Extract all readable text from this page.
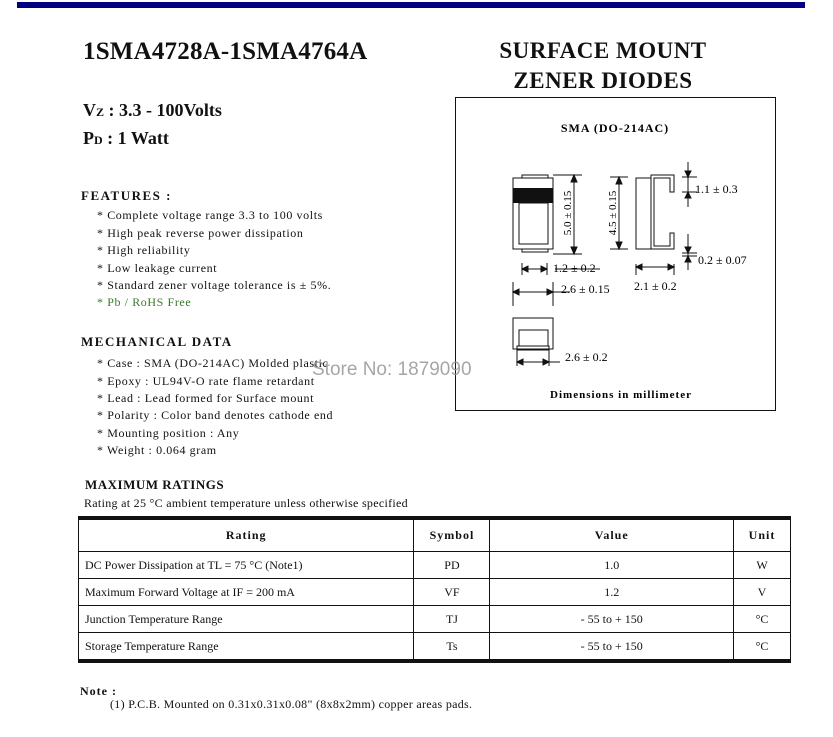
1SMA4728A-1SMA4764A	SURFACE MOUNT
ZENER DIODES
VZ : 3.3 - 100Volts
PD : 1 Watt
FEATURES :
* Complete voltage range 3.3 to 100 volts
* High peak reverse power dissipation
* High reliability
* Low leakage current
* Standard zener voltage tolerance is ± 5%.
* Pb / RoHS Free
MECHANICAL DATA
* Case : SMA (DO-214AC) Molded plastic
* Epoxy : UL94V-O rate flame retardant
* Lead : Lead formed for Surface mount
* Polarity : Color band denotes cathode end
* Mounting position : Any
* Weight : 0.064 gram
SMA (DO-214AC)
5.0 ± 0.15	4.5 ± 0.15
1.1 ± 0.3
0.2 ± 0.07
1.2 ± 0.2
2.6 ± 0.15 2.1 ± 0.2
2.6 ± 0.2
Dimensions in millimeter
Store No: 1879090
MAXIMUM RATINGS
Rating at 25 °C ambient temperature unless otherwise specified
Rating	Symbol	Value	Unit
DC Power Dissipation at TL = 75 °C (Note1)	PD	1.0	W
Maximum Forward Voltage at IF = 200 mA	VF	1.2	V
Junction Temperature Range	TJ	- 55 to + 150	°C
Storage Temperature Range	Ts	- 55 to + 150	°C
Note :
(1) P.C.B. Mounted on 0.31x0.31x0.08" (8x8x2mm) copper areas pads.
